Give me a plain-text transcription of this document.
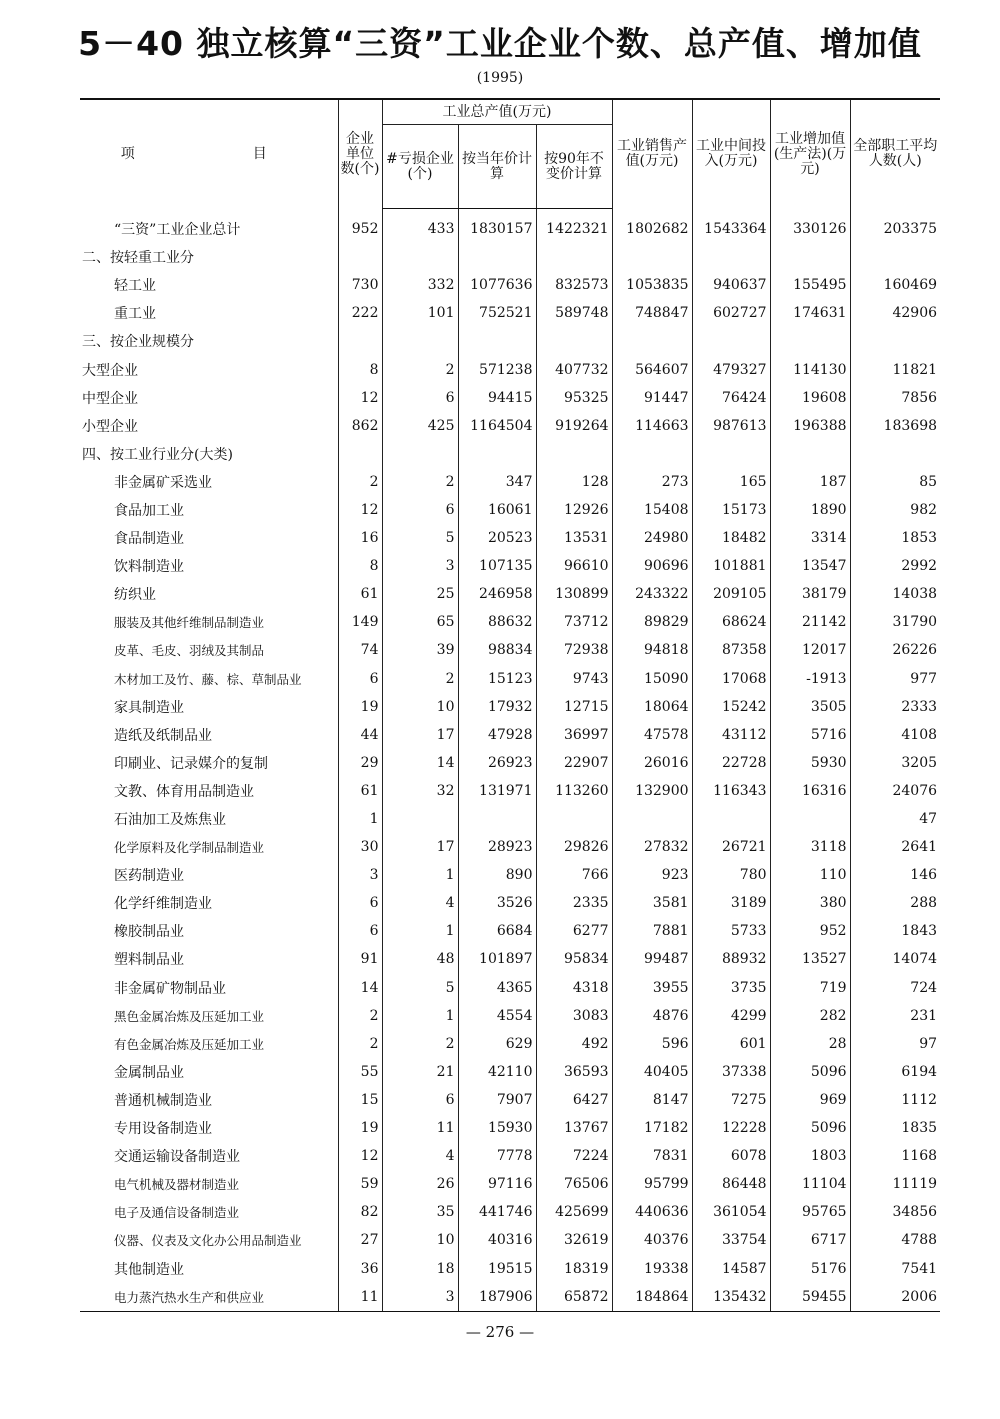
5－40 独立核算“三资”工业企业个数、总产值、增加值
(1995)
项　　目	企业单位数(个)	工业总产值(万元)			工业销售产值(万元)	工业中间投入(万元)	工业增加值(生产法)(万元)	全部职工平均人数(人)
		#亏损企业(个)	按当年价计算	按90年不变价计算				
“三资”工业企业总计	952	433	1830157	1422321	1802682	1543364	330126	203375
二、按轻重工业分								
轻工业	730	332	1077636	832573	1053835	940637	155495	160469
重工业	222	101	752521	589748	748847	602727	174631	42906
三、按企业规模分								
大型企业	8	2	571238	407732	564607	479327	114130	11821
中型企业	12	6	94415	95325	91447	76424	19608	7856
小型企业	862	425	1164504	919264	114663	987613	196388	183698
四、按工业行业分(大类)								
非金属矿采选业	2	2	347	128	273	165	187	85
食品加工业	12	6	16061	12926	15408	15173	1890	982
食品制造业	16	5	20523	13531	24980	18482	3314	1853
饮料制造业	8	3	107135	96610	90696	101881	13547	2992
纺织业	61	25	246958	130899	243322	209105	38179	14038
服装及其他纤维制品制造业	149	65	88632	73712	89829	68624	21142	31790
皮革、毛皮、羽绒及其制品	74	39	98834	72938	94818	87358	12017	26226
木材加工及竹、藤、棕、草制品业	6	2	15123	9743	15090	17068	-1913	977
家具制造业	19	10	17932	12715	18064	15242	3505	2333
造纸及纸制品业	44	17	47928	36997	47578	43112	5716	4108
印刷业、记录媒介的复制	29	14	26923	22907	26016	22728	5930	3205
文教、体育用品制造业	61	32	131971	113260	132900	116343	16316	24076
石油加工及炼焦业	1							47
化学原料及化学制品制造业	30	17	28923	29826	27832	26721	3118	2641
医药制造业	3	1	890	766	923	780	110	146
化学纤维制造业	6	4	3526	2335	3581	3189	380	288
橡胶制品业	6	1	6684	6277	7881	5733	952	1843
塑料制品业	91	48	101897	95834	99487	88932	13527	14074
非金属矿物制品业	14	5	4365	4318	3955	3735	719	724
黑色金属冶炼及压延加工业	2	1	4554	3083	4876	4299	282	231
有色金属冶炼及压延加工业	2	2	629	492	596	601	28	97
金属制品业	55	21	42110	36593	40405	37338	5096	6194
普通机械制造业	15	6	7907	6427	8147	7275	969	1112
专用设备制造业	19	11	15930	13767	17182	12228	5096	1835
交通运输设备制造业	12	4	7778	7224	7831	6078	1803	1168
电气机械及器材制造业	59	26	97116	76506	95799	86448	11104	11119
电子及通信设备制造业	82	35	441746	425699	440636	361054	95765	34856
仪器、仪表及文化办公用品制造业	27	10	40316	32619	40376	33754	6717	4788
其他制造业	36	18	19515	18319	19338	14587	5176	7541
电力蒸汽热水生产和供应业	11	3	187906	65872	184864	135432	59455	2006
— 276 —
